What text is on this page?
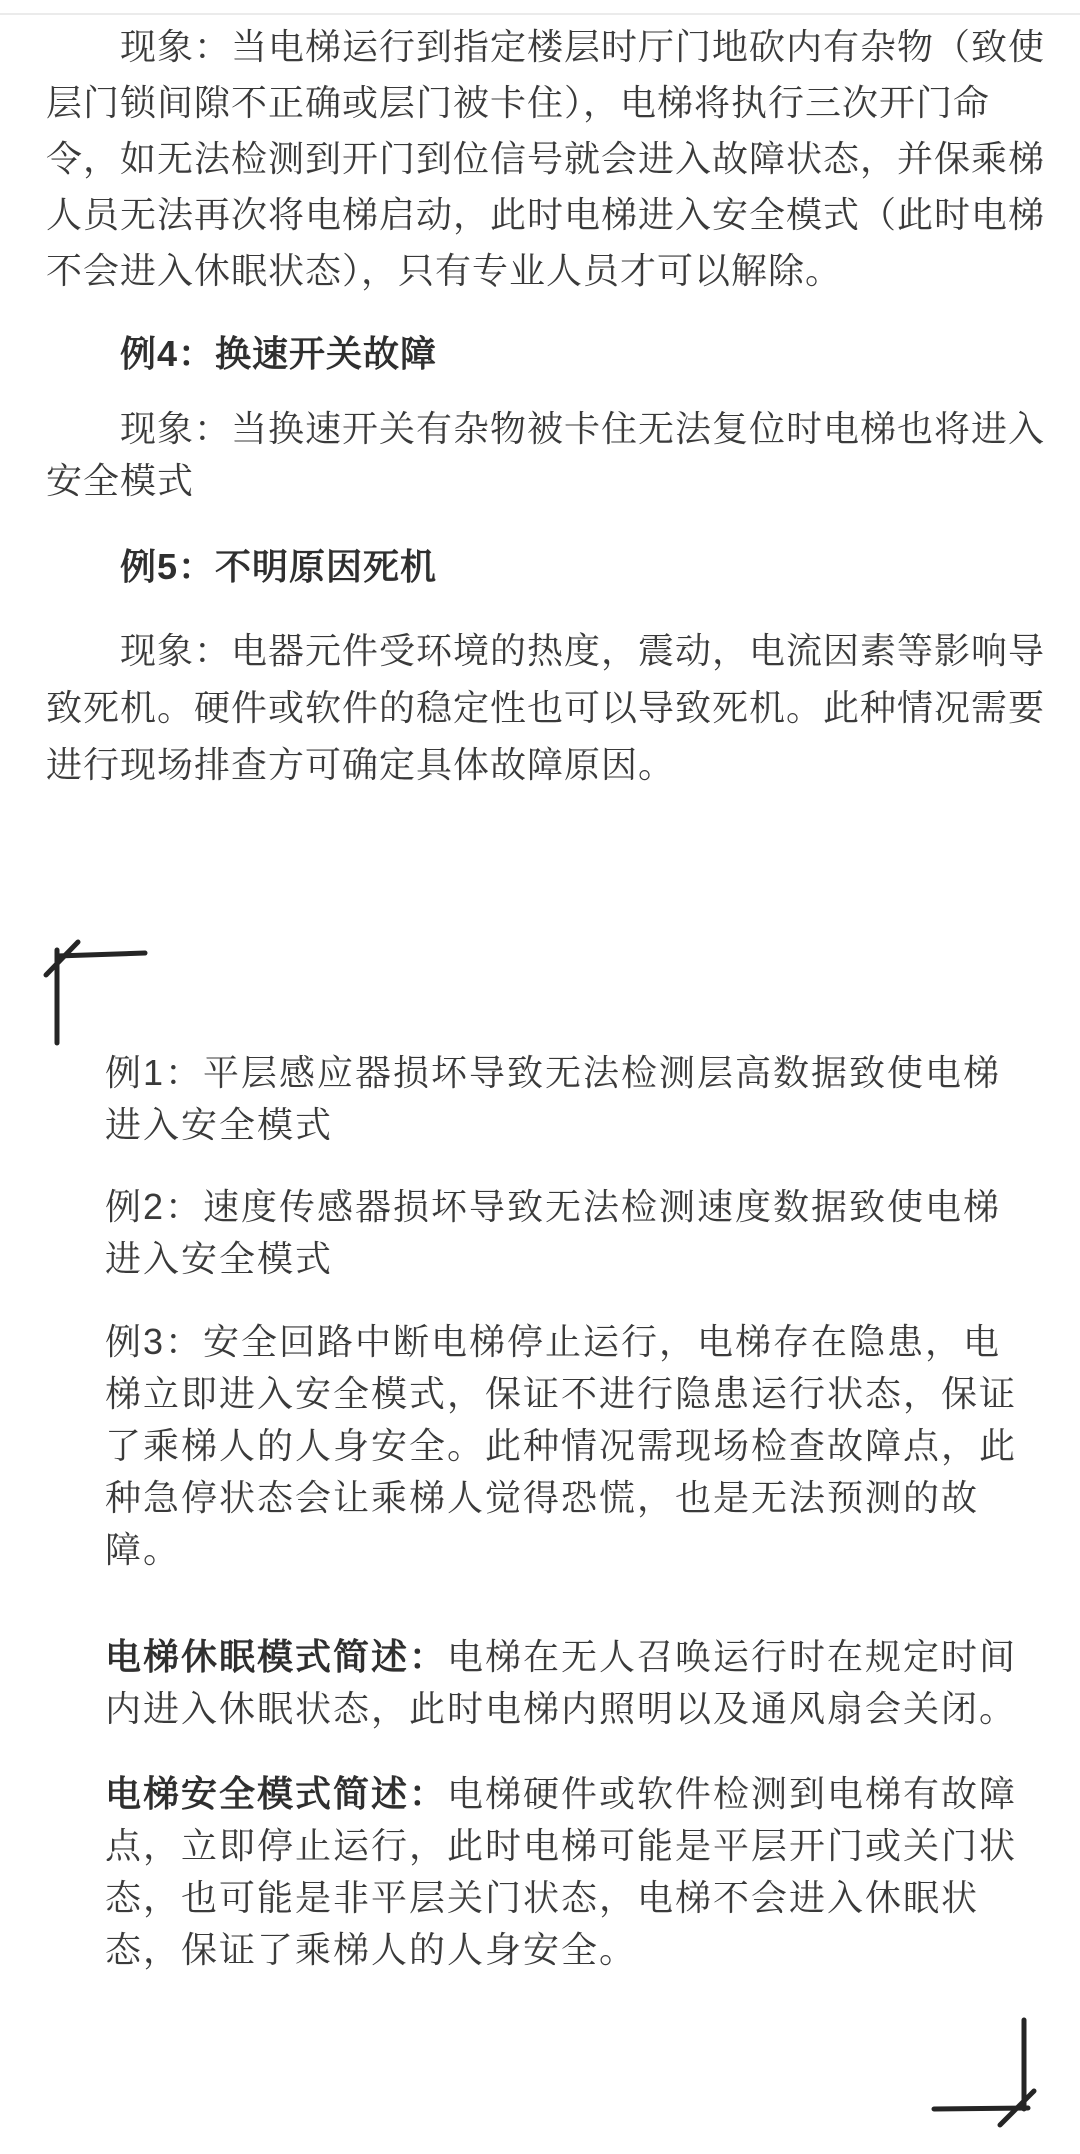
现象：当电梯运行到指定楼层时厅门地砍内有杂物（致使
层门锁间隙不正确或层门被卡住），电梯将执行三次开门命
令，如无法检测到开门到位信号就会进入故障状态，并保乘梯
人员无法再次将电梯启动，此时电梯进入安全模式（此时电梯
不会进入休眠状态），只有专业人员才可以解除。
例4：换速开关故障
现象：当换速开关有杂物被卡住无法复位时电梯也将进入
安全模式
例5：不明原因死机
现象：电器元件受环境的热度，震动，电流因素等影响导
致死机。硬件或软件的稳定性也可以导致死机。此种情况需要
进行现场排查方可确定具体故障原因。
例1：平层感应器损坏导致无法检测层高数据致使电梯
进入安全模式
例2：速度传感器损坏导致无法检测速度数据致使电梯
进入安全模式
例3：安全回路中断电梯停止运行，电梯存在隐患，电
梯立即进入安全模式，保证不进行隐患运行状态，保证
了乘梯人的人身安全。此种情况需现场检查故障点，此
种急停状态会让乘梯人觉得恐慌，也是无法预测的故
障。
电梯休眠模式简述：电梯在无人召唤运行时在规定时间
内进入休眠状态，此时电梯内照明以及通风扇会关闭。
电梯安全模式简述：电梯硬件或软件检测到电梯有故障
点，立即停止运行，此时电梯可能是平层开门或关门状
态，也可能是非平层关门状态，电梯不会进入休眠状
态，保证了乘梯人的人身安全。
